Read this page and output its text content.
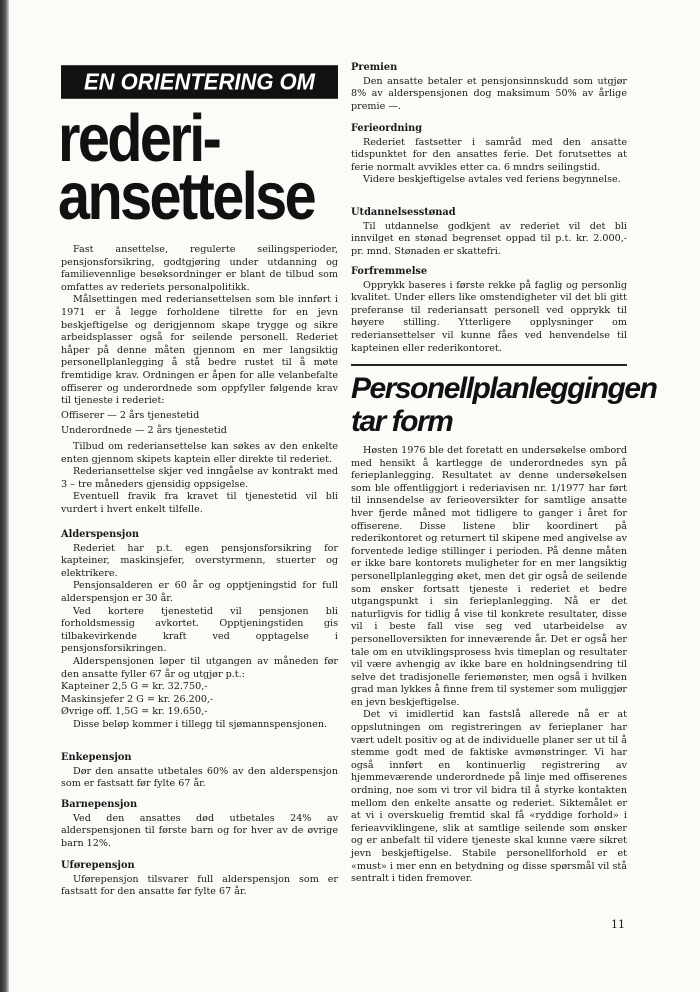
EN ORIENTERING OM
rederi-
ansettelse

Fast ansettelse, regulerte seilingsperioder, pensjonsforsikring, godtgjøring under utdanning og familievennlige besøksordninger er blant de tilbud som omfattes av rederiets personalpolitikk.

Målsettingen med rederiansettelsen som ble innført i 1971 er å legge forholdene tilrette for en jevn beskjeftigelse og derigjennom skape trygge og sikre arbeidsplasser også for seilende personell. Rederiet håper på denne måten gjennom en mer langsiktig personellplanlegging å stå bedre rustet til å møte fremtidige krav. Ordningen er åpen for alle velanbefalte offiserer og underordnede som oppfyller følgende krav til tjeneste i rederiet:

Offiserer — 2 års tjenestetid

Underordnede — 2 års tjenestetid

Tilbud om rederiansettelse kan søkes av den enkelte enten gjennom skipets kaptein eller direkte til rederiet.

Rederiansettelse skjer ved inngåelse av kontrakt med 3 – tre måneders gjensidig oppsigelse.

Eventuell fravik fra kravet til tjenestetid vil bli vurdert i hvert enkelt tilfelle.

Alderspensjon

Rederiet har p.t. egen pensjonsforsikring for kapteiner, maskinsjefer, overstyrmenn, stuerter og elektrikere.

Pensjonsalderen er 60 år og opptjeningstid for full alderspensjon er 30 år.

Ved kortere tjenestetid vil pensjonen bli forholdsmessig avkortet. Opptjeningstiden gis tilbakevirkende kraft ved opptagelse i pensjonsforsikringen.

Alderspensjonen løper til utgangen av måneden før den ansatte fyller 67 år og utgjør p.t.:

Kapteiner 2,5 G = kr. 32.750,-

Maskinsjefer 2 G = kr. 26.200,-

Øvrige off. 1,5G = kr. 19.650,-

Disse beløp kommer i tillegg til sjømannspensjonen.

Enkepensjon

Dør den ansatte utbetales 60% av den alderspensjon som er fastsatt før fylte 67 år.

Barnepensjon

Ved den ansattes død utbetales 24% av alderspensjonen til første barn og for hver av de øvrige barn 12%.

Uførepensjon

Uførepensjon tilsvarer full alderspensjon som er fastsatt for den ansatte før fylte 67 år.

Premien

Den ansatte betaler et pensjonsinnskudd som utgjør 8% av alderspensjonen dog maksimum 50% av årlige premie —.

Ferieordning

Rederiet fastsetter i samråd med den ansatte tidspunktet for den ansattes ferie. Det forutsettes at ferie normalt avvikles etter ca. 6 mndrs seilingstid.

Videre beskjeftigelse avtales ved feriens begynnelse.

Utdannelsesstønad

Til utdannelse godkjent av rederiet vil det bli innvilget en stønad begrenset oppad til p.t. kr. 2.000,- pr. mnd. Stønaden er skattefri.

Forfremmelse

Opprykk baseres i første rekke på faglig og personlig kvalitet. Under ellers like omstendigheter vil det bli gitt preferanse til rederiansatt personell ved opprykk til høyere stilling. Ytterligere opplysninger om rederiansettelser vil kunne fåes ved henvendelse til kapteinen eller rederikontoret.

Personellplanleggingen
tar form

Høsten 1976 ble det foretatt en undersøkelse ombord med hensikt å kartlegge de underordnedes syn på ferieplanlegging. Resultatet av denne undersøkelsen som ble offentliggjort i rederiavisen nr. 1/1977 har ført til innsendelse av ferieoversikter for samtlige ansatte hver fjerde måned mot tidligere to ganger i året for offiserene. Disse listene blir koordinert på rederikontoret og returnert til skipene med angivelse av forventede ledige stillinger i perioden. På denne måten er ikke bare kontorets muligheter for en mer langsiktig personellplanlegging øket, men det gir også de seilende som ønsker fortsatt tjeneste i rederiet et bedre utgangspunkt i sin ferieplanlegging. Nå er det naturligvis for tidlig å vise til konkrete resultater, disse vil i beste fall vise seg ved utarbeidelse av personelloversikten for inneværende år. Det er også her tale om en utviklingsprosess hvis timeplan og resultater vil være avhengig av ikke bare en holdningsendring til selve det tradisjonelle feriemønster, men også i hvilken grad man lykkes å finne frem til systemer som muliggjør en jevn beskjeftigelse.

Det vi imidlertid kan fastslå allerede nå er at oppslutningen om registreringen av ferieplaner har vært udelt positiv og at de individuelle planer ser ut til å stemme godt med de faktiske avmønstringer. Vi har også innført en kontinuerlig registrering av hjemmeværende underordnede på linje med offiserenes ordning, noe som vi tror vil bidra til å styrke kontakten mellom den enkelte ansatte og rederiet. Siktemålet er at vi i overskuelig fremtid skal få «ryddige forhold» i ferieavviklingene, slik at samtlige seilende som ønsker og er anbefalt til videre tjeneste skal kunne være sikret jevn beskjeftigelse. Stabile personellforhold er et «must» i mer enn en betydning og disse spørsmål vil stå sentralt i tiden fremover.

11
